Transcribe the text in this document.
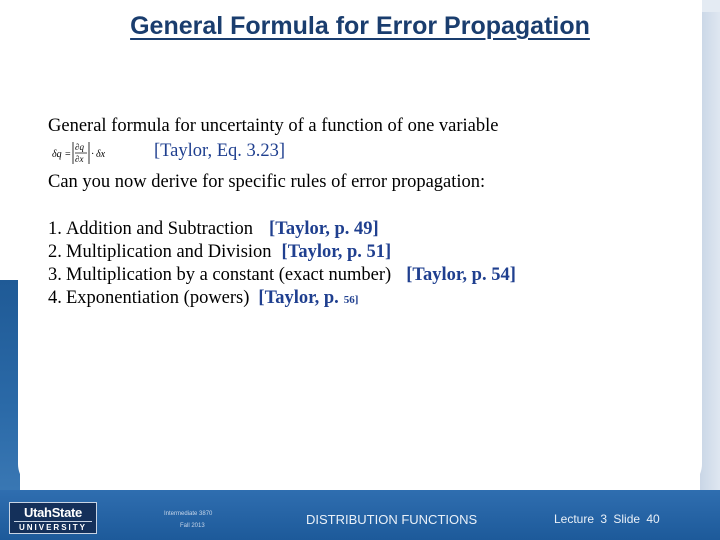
General Formula for Error Propagation
General formula for uncertainty of a function of one variable
δq =
∂q
∂x · δx	[Taylor, Eq. 3.23]
Can you now derive for specific rules of error propagation:
1. Addition and Subtraction [Taylor, p. 49]
2. Multiplication and Division [Taylor, p. 51]
3. Multiplication by a constant (exact number) [Taylor, p. 54]
4. Exponentiation (powers) [Taylor, p. 56]
UtahState
UNIVERSITY
Intermediate 3870
Fall 2013	DISTRIBUTION FUNCTIONS	Lecture 3 Slide 40
